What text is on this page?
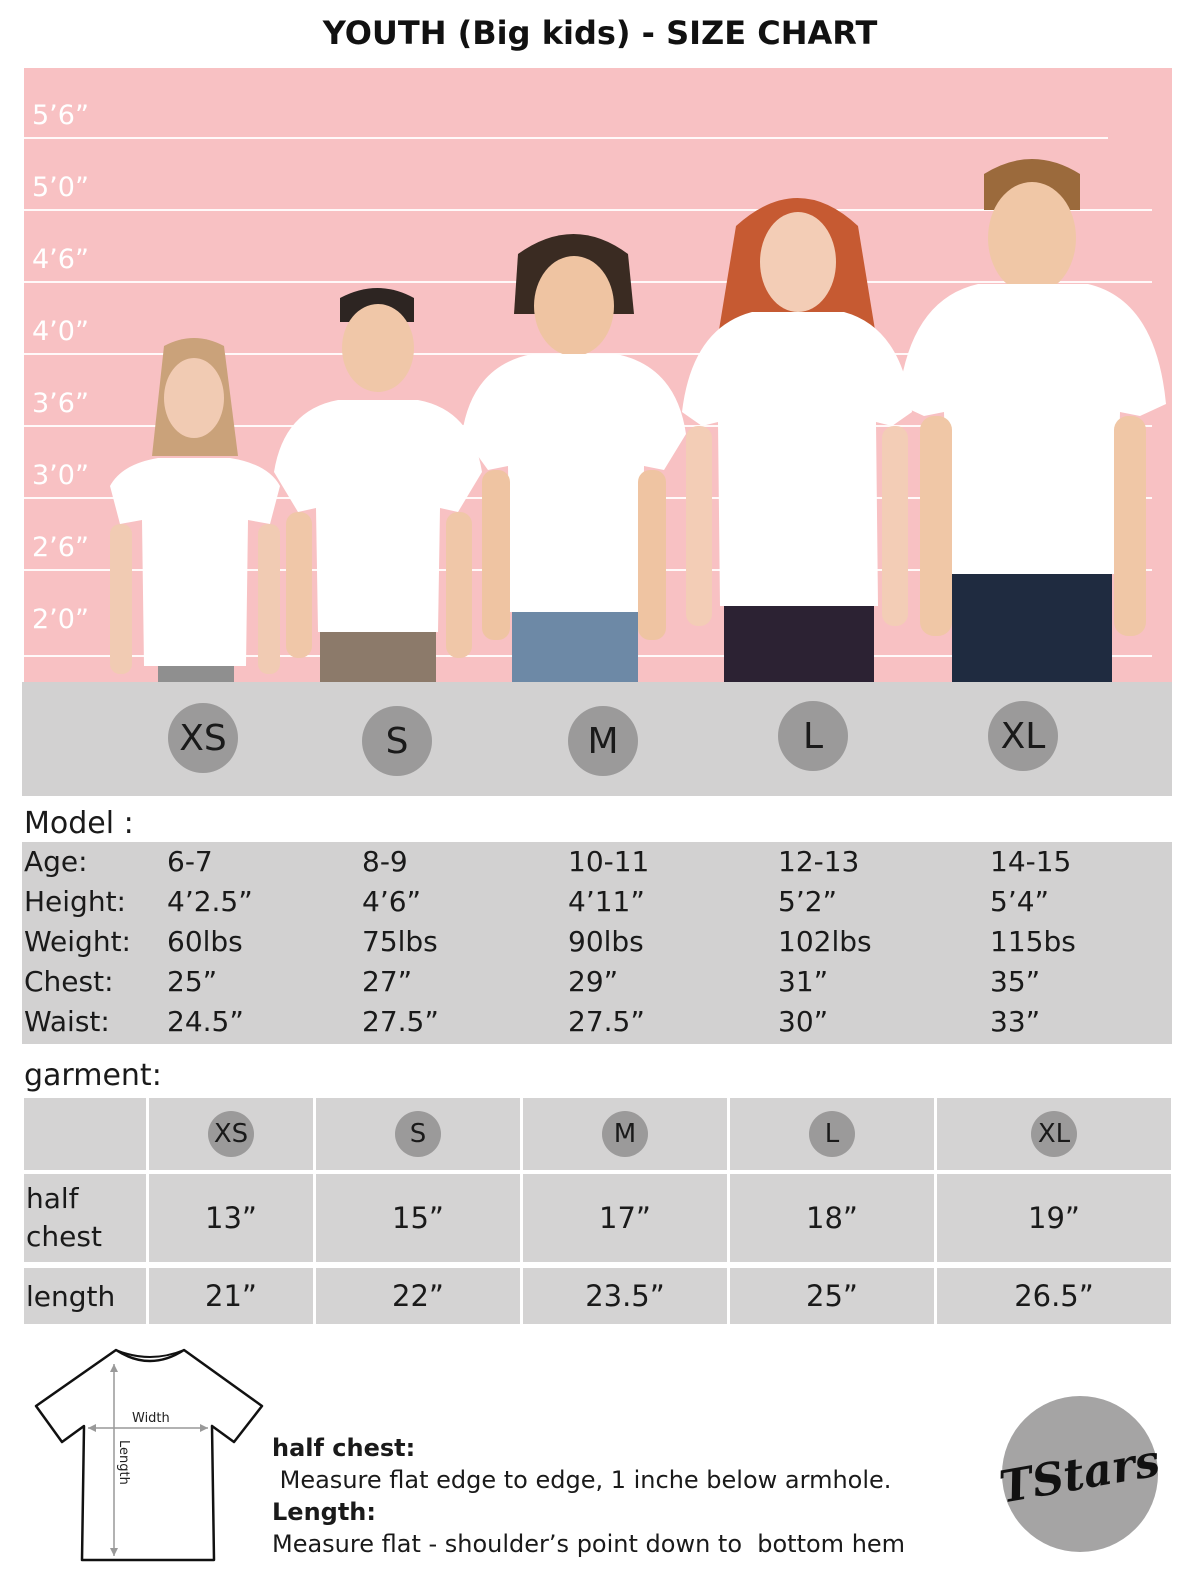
YOUTH (Big kids) - SIZE CHART
5’6”
5’0”
4’6”
4’0”
3’6”
3’0”
2’6”
2’0”
XS	S	M	L	XL
Model :
Age:	6-7	8-9	10-11	12-13	14-15
Height: 4’2.5”	4’6”	4’11”	5’2”	5’4”
Weight: 60lbs	75lbs	90lbs	102lbs	115bs
Chest: 25”	27”	29”	31”	35”
Waist: 24.5”	27.5”	27.5”	30”	33”
garment:
XS	S	M	L	XL
half
chest
13”	15”	17”	18”	19”
length	21”	22”	23.5”	25”	26.5”
Width
Length	half chest:
Measure flat edge to edge, 1 inche below armhole.
Length:
Measure flat - shoulder’s point down to  bottom hem
TStars
